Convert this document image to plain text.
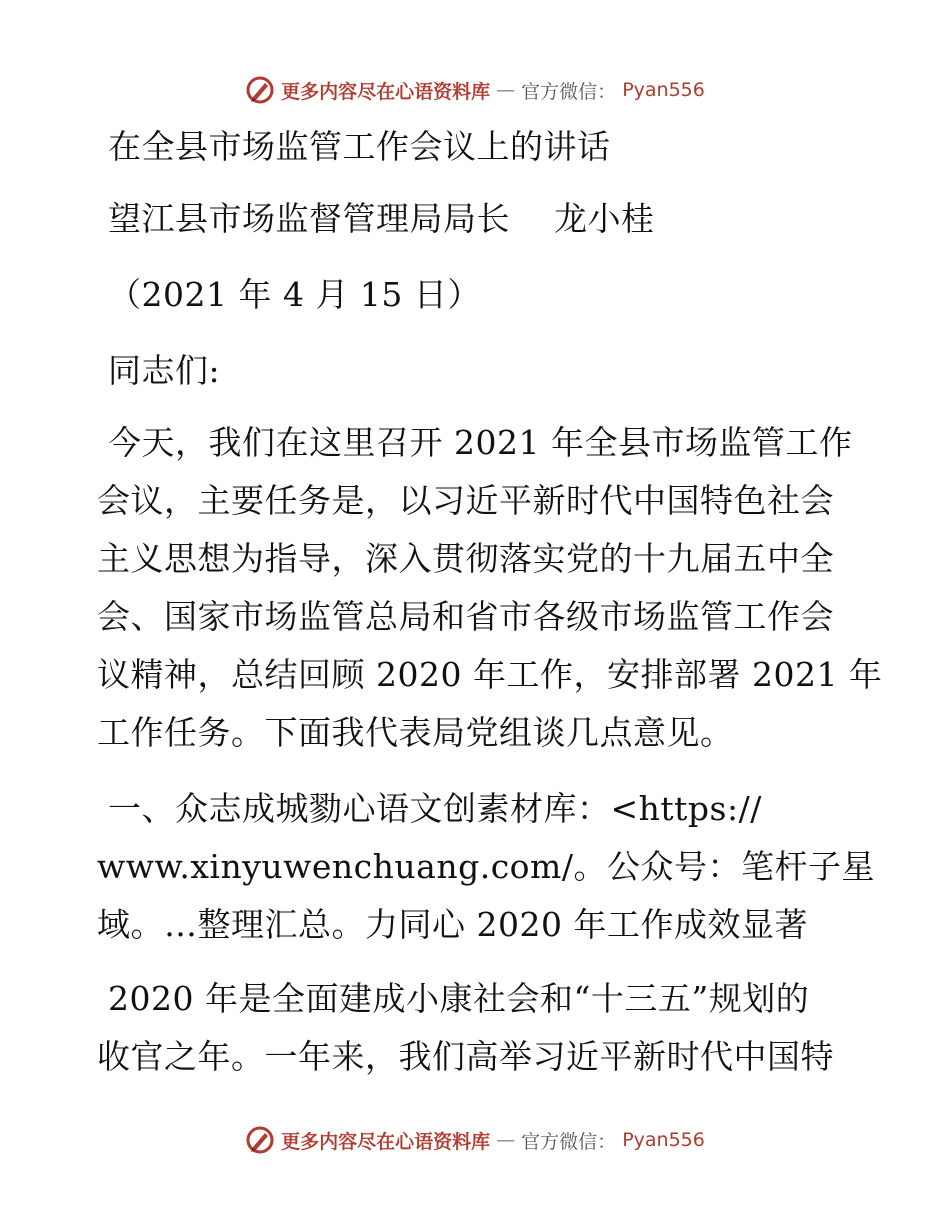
更多内容尽在心语资料库 — 官方微信： Pyan556
在全县市场监管工作会议上的讲话
望江县市场监督管理局局长    龙小桂
（2021 年 4 月 15 日）
同志们:
今天，我们在这里召开 2021 年全县市场监管工作
会议，主要任务是，以习近平新时代中国特色社会
主义思想为指导，深入贯彻落实党的十九届五中全
会、国家市场监管总局和省市各级市场监管工作会
议精神，总结回顾 2020 年工作，安排部署 2021 年
工作任务。下面我代表局党组谈几点意见。
一、众志成城勠心语文创素材库：<https://
www.xinyuwenchuang.com/。公众号：笔杆子星
域。…整理汇总。力同心 2020 年工作成效显著
2020 年是全面建成小康社会和“十三五”规划的
收官之年。一年来，我们高举习近平新时代中国特
更多内容尽在心语资料库 — 官方微信： Pyan556
